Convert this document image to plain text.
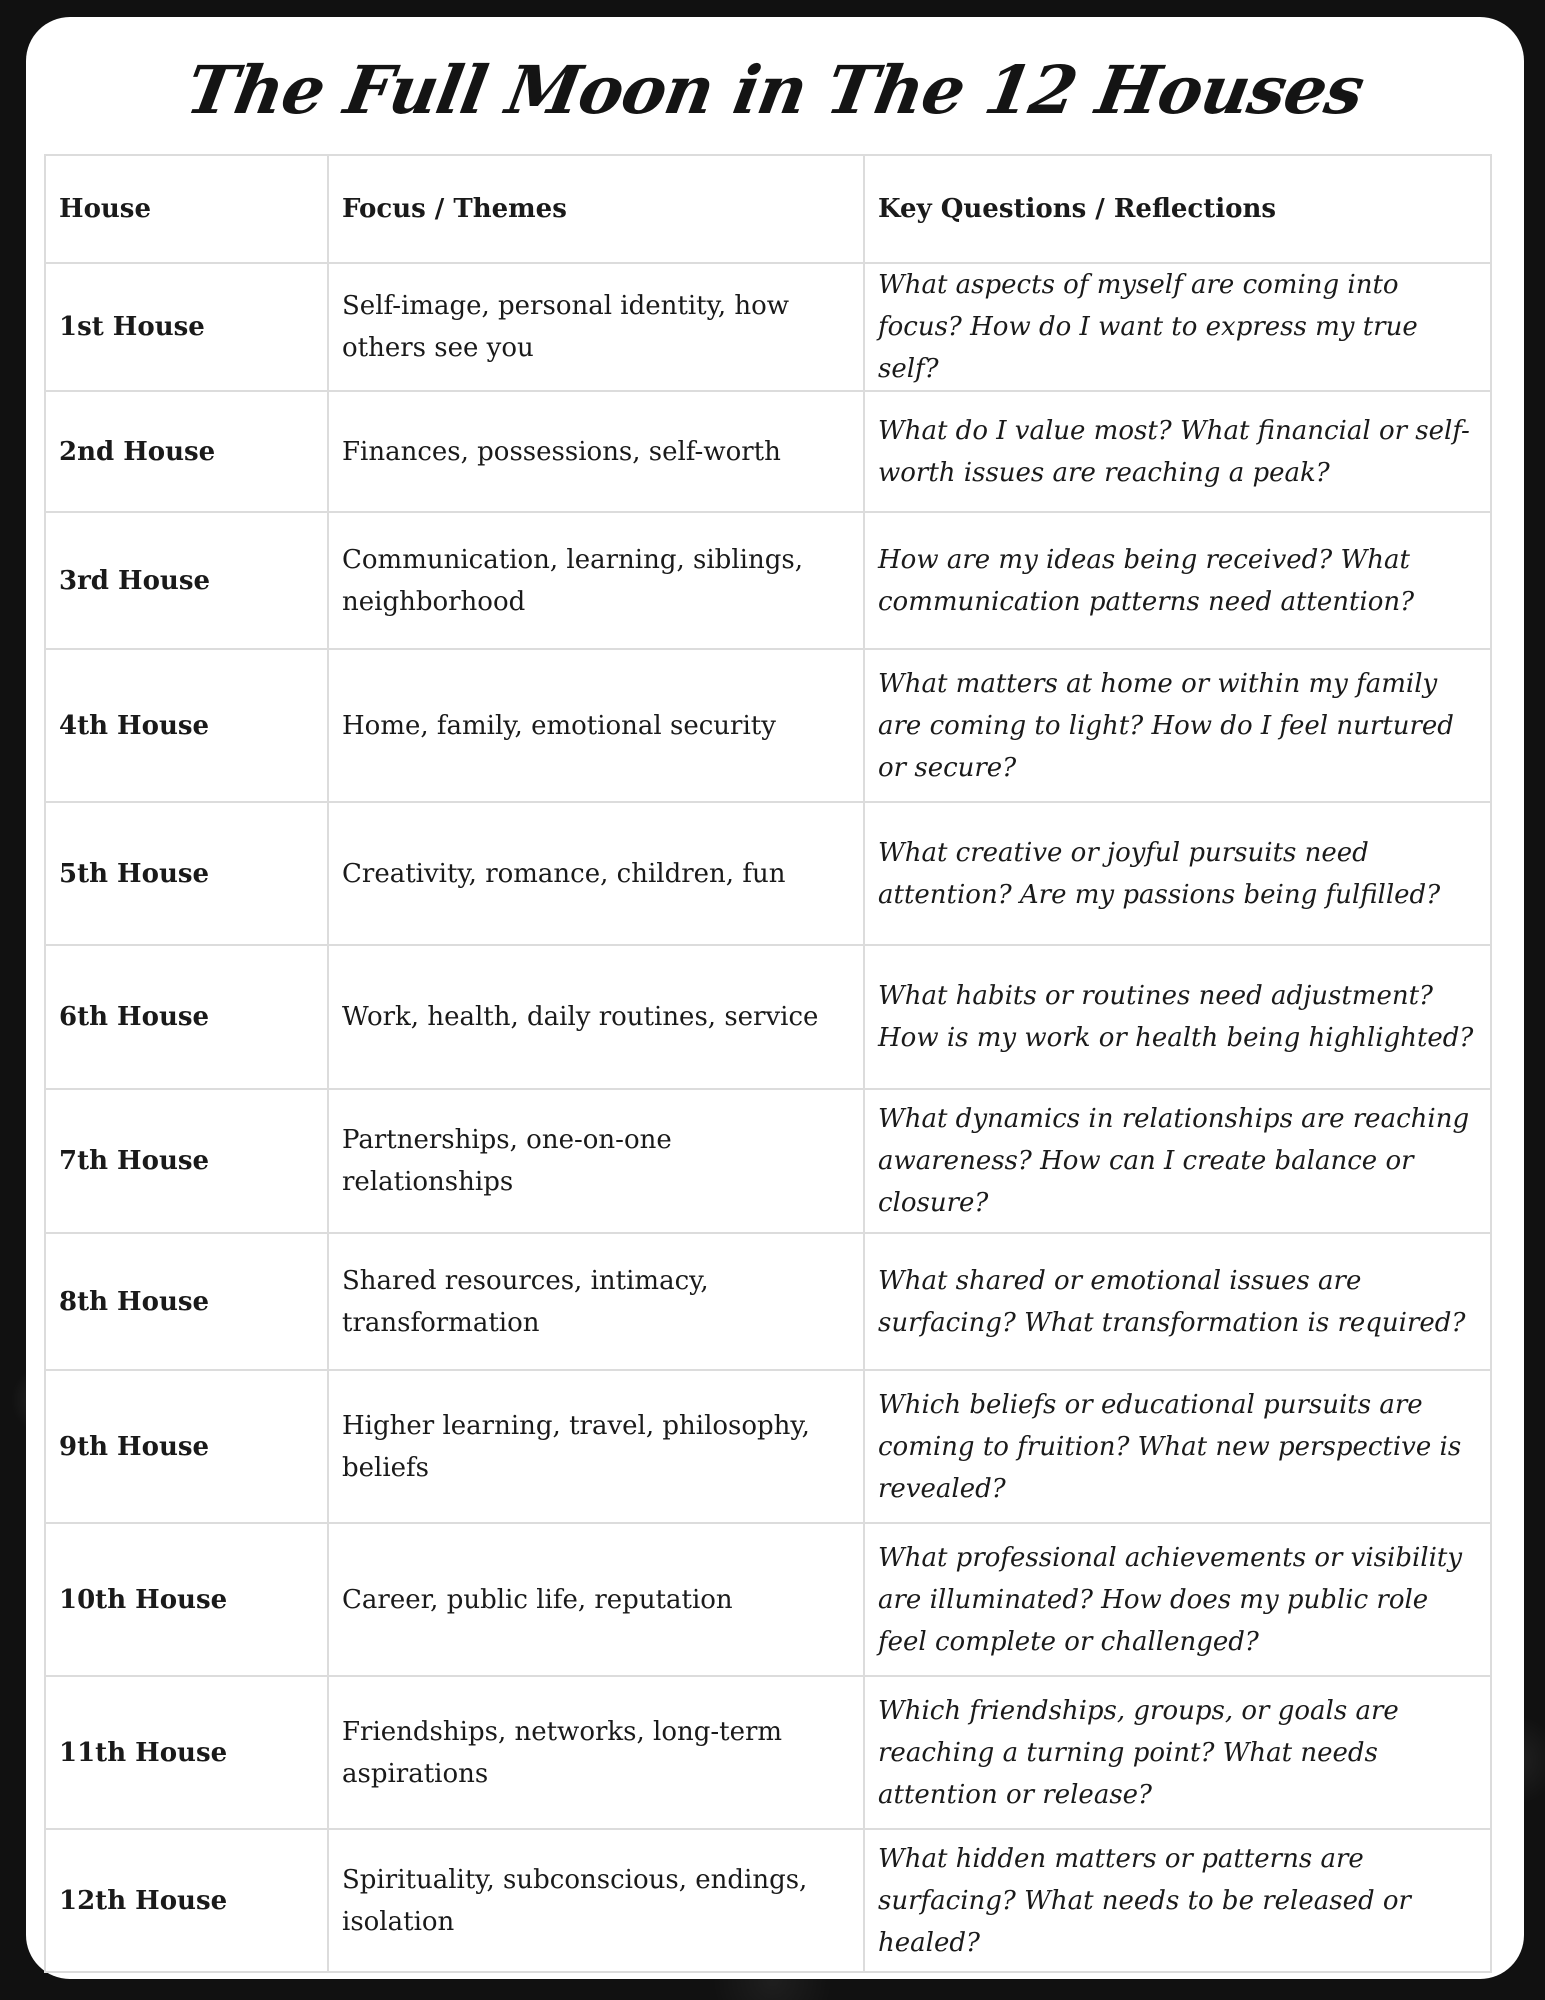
The Full Moon in The 12 Houses
House	Focus / Themes	Key Questions / Reflections
1st House	Self-image, personal identity, how others see you	What aspects of myself are coming into focus? How do I want to express my true self?
2nd House	Finances, possessions, self-worth	What do I value most? What financial or self-worth issues are reaching a peak?
3rd House	Communication, learning, siblings, neighborhood	How are my ideas being received? What communication patterns need attention?
4th House	Home, family, emotional security	What matters at home or within my family are coming to light? How do I feel nurtured or secure?
5th House	Creativity, romance, children, fun	What creative or joyful pursuits need attention? Are my passions being fulfilled?
6th House	Work, health, daily routines, service	What habits or routines need adjustment? How is my work or health being highlighted?
7th House	Partnerships, one-on-one relationships	What dynamics in relationships are reaching awareness? How can I create balance or closure?
8th House	Shared resources, intimacy, transformation	What shared or emotional issues are surfacing? What transformation is required?
9th House	Higher learning, travel, philosophy, beliefs	Which beliefs or educational pursuits are coming to fruition? What new perspective is revealed?
10th House	Career, public life, reputation	What professional achievements or visibility are illuminated? How does my public role feel complete or challenged?
11th House	Friendships, networks, long-term aspirations	Which friendships, groups, or goals are reaching a turning point? What needs attention or release?
12th House	Spirituality, subconscious, endings, isolation	What hidden matters or patterns are surfacing? What needs to be released or healed?
